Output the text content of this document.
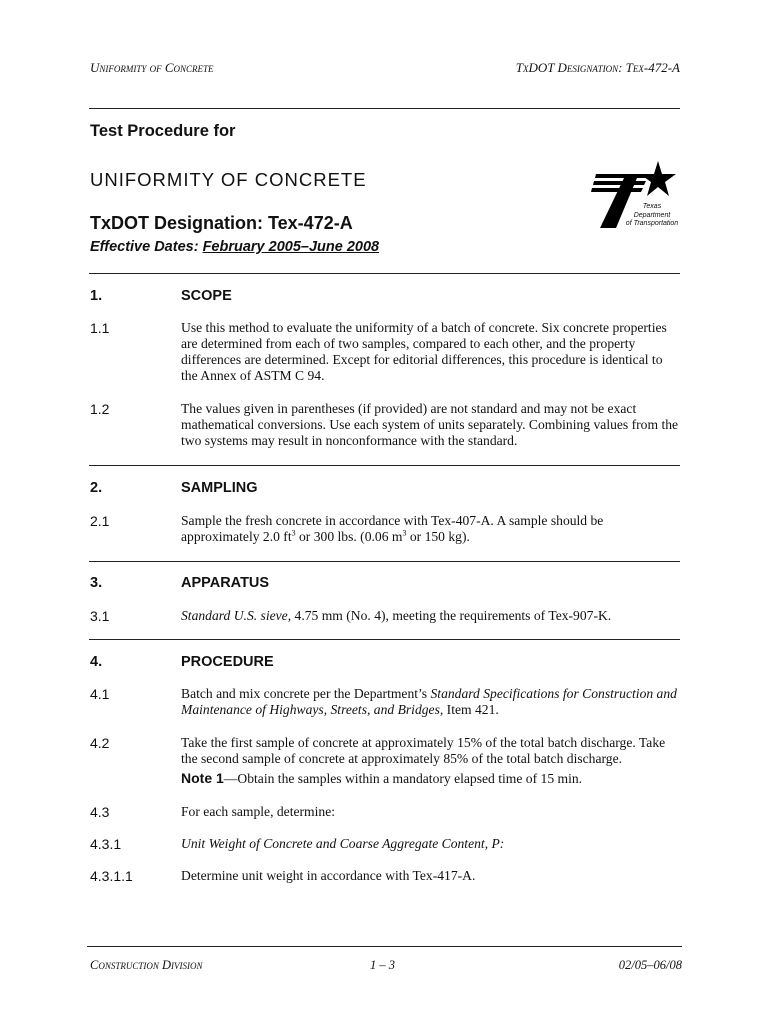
Uniformity of Concrete	TxDOT Designation: Tex-472-A
Test Procedure for
UNIFORMITY OF CONCRETE
TxDOT Designation: Tex-472-A
Effective Dates: February 2005–June 2008
Texas
Department
of Transportation
1.	SCOPE
1.1	Use this method to evaluate the uniformity of a batch of concrete. Six concrete properties are determined from each of two samples, compared to each other, and the property differences are determined. Except for editorial differences, this procedure is identical to the Annex of ASTM C 94.
1.2	The values given in parentheses (if provided) are not standard and may not be exact mathematical conversions. Use each system of units separately. Combining values from the two systems may result in nonconformance with the standard.
2.	SAMPLING
2.1	Sample the fresh concrete in accordance with Tex-407-A. A sample should be approximately 2.0 $ft^3$ or 300 lbs. (0.06 $m^3$ or 150 kg).
3.	APPARATUS
3.1	Standard U.S. sieve, 4.75 mm (No. 4), meeting the requirements of Tex-907-K.
4.	PROCEDURE
4.1	Batch and mix concrete per the Department’s Standard Specifications for Construction and Maintenance of Highways, Streets, and Bridges, Item 421.
4.2	Take the first sample of concrete at approximately 15% of the total batch discharge. Take the second sample of concrete at approximately 85% of the total batch discharge.
Note 1—Obtain the samples within a mandatory elapsed time of 15 min.
4.3	For each sample, determine:
4.3.1	Unit Weight of Concrete and Coarse Aggregate Content, P:
4.3.1.1	Determine unit weight in accordance with Tex-417-A.
Construction Division	1 – 3	02/05–06/08
